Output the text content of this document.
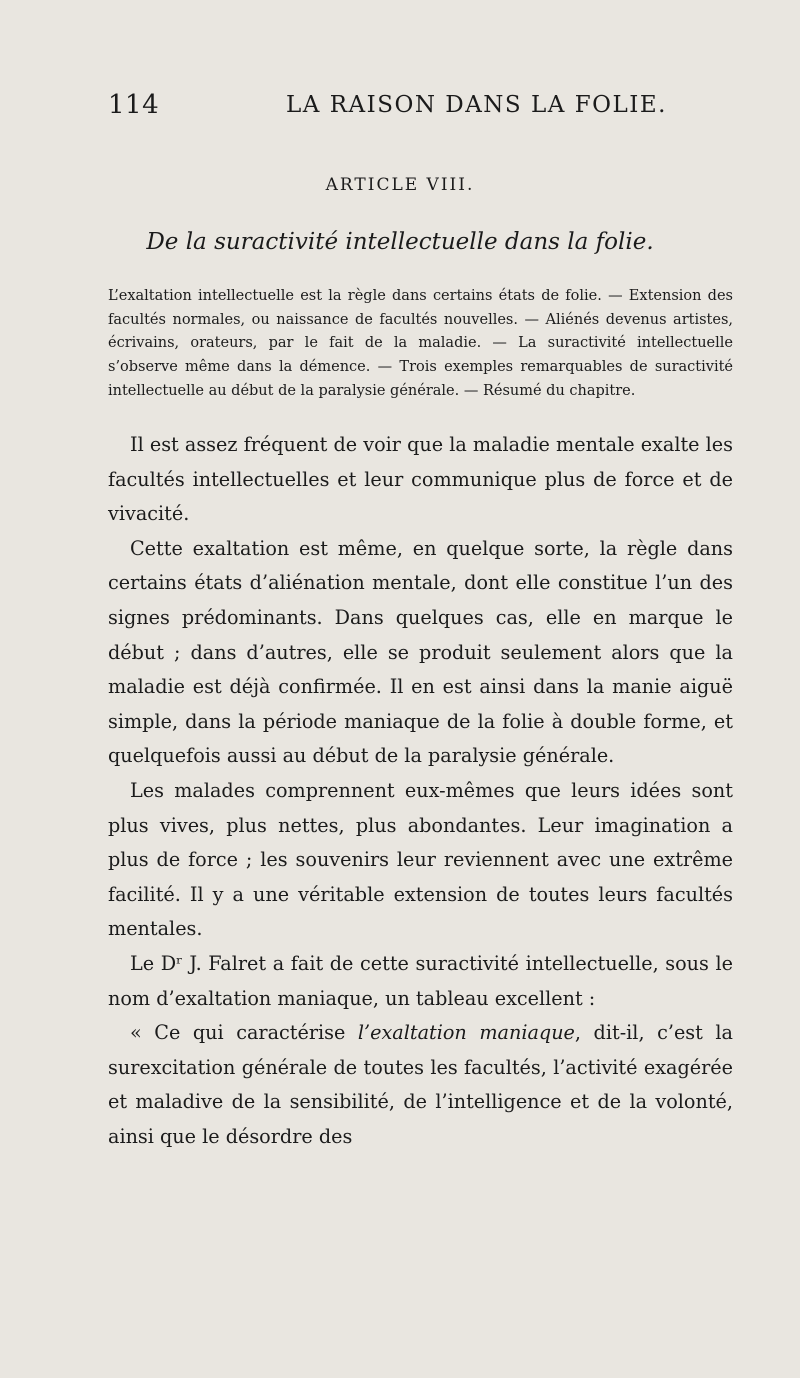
114	LA RAISON DANS LA FOLIE.
ARTICLE VIII.
De la suractivité intellectuelle dans la folie.

L’exaltation intellectuelle est la règle dans certains états de folie. — Extension des facultés normales, ou naissance de facultés nouvelles. — Aliénés devenus artistes, écrivains, orateurs, par le fait de la maladie. — La suractivité intellectuelle s’observe même dans la démence. — Trois exemples remarquables de suractivité intellectuelle au début de la paralysie générale. — Résumé du chapitre.

Il est assez fréquent de voir que la maladie mentale exalte les facultés intellectuelles et leur communique plus de force et de vivacité.

Cette exaltation est même, en quelque sorte, la règle dans certains états d’aliénation mentale, dont elle constitue l’un des signes prédominants. Dans quelques cas, elle en marque le début ; dans d’autres, elle se produit seulement alors que la maladie est déjà confirmée. Il en est ainsi dans la manie aiguë simple, dans la période maniaque de la folie à double forme, et quelquefois aussi au début de la paralysie générale.

Les malades comprennent eux-mêmes que leurs idées sont plus vives, plus nettes, plus abondantes. Leur imagination a plus de force ; les souvenirs leur reviennent avec une extrême facilité. Il y a une véritable extension de toutes leurs facultés mentales.

Le Dʳ J. Falret a fait de cette suractivité intellectuelle, sous le nom d’exaltation maniaque, un tableau excellent :

« Ce qui caractérise l’exaltation maniaque, dit-il, c’est la surexcitation générale de toutes les facultés, l’activité exagérée et maladive de la sensibilité, de l’intelligence et de la volonté, ainsi que le désordre des
